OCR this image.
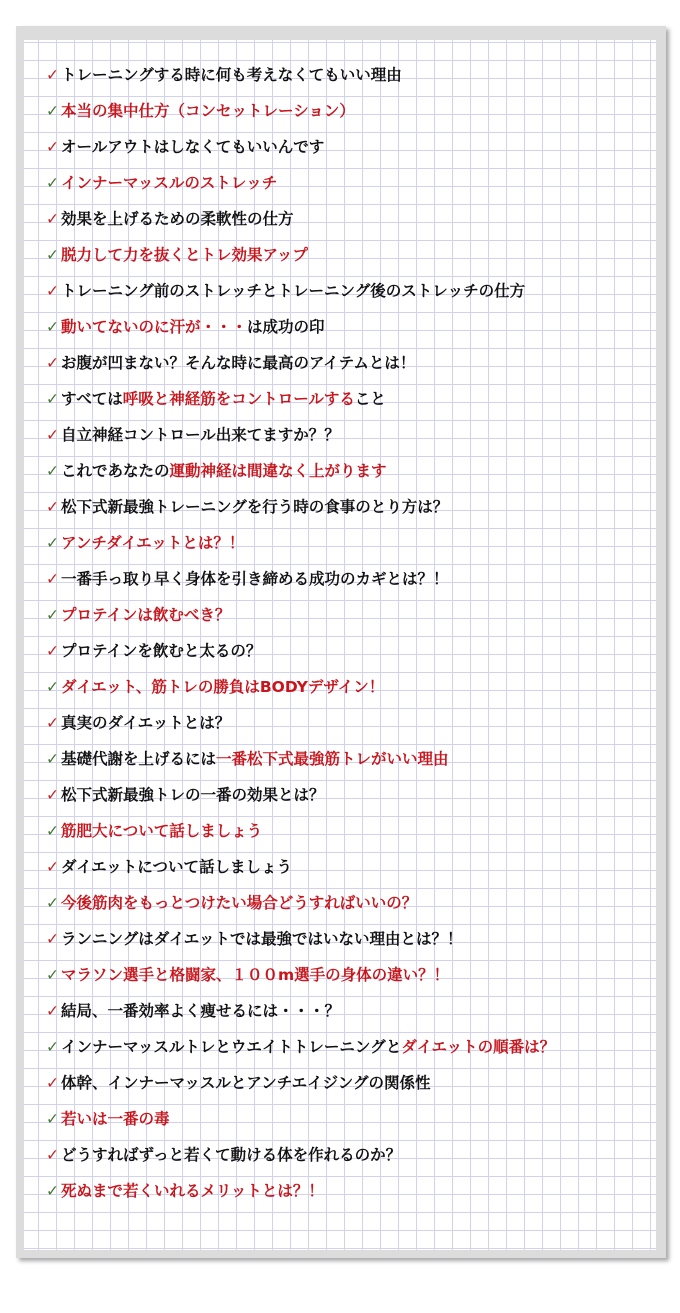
✓ トレーニングする時に何も考えなくてもいい理由
✓ 本当の集中仕方（コンセットレーション）
✓ オールアウトはしなくてもいいんです
✓ インナーマッスルのストレッチ
✓ 効果を上げるための柔軟性の仕方
✓ 脱力して力を抜くとトレ効果アップ
✓ トレーニング前のストレッチとトレーニング後のストレッチの仕方
✓ 動いてないのに汗が・・・は成功の印
✓ お腹が凹まない？そんな時に最高のアイテムとは！
✓ すべては呼吸と神経筋をコントロールすること
✓ 自立神経コントロール出来てますか？？
✓ これであなたの運動神経は間違なく上がります
✓ 松下式新最強トレーニングを行う時の食事のとり方は？
✓ アンチダイエットとは？！
✓ 一番手っ取り早く身体を引き締める成功のカギとは？！
✓ プロテインは飲むべき？
✓ プロテインを飲むと太るの？
✓ ダイエット、筋トレの勝負はBODYデザイン！
✓ 真実のダイエットとは？
✓ 基礎代謝を上げるには一番松下式最強筋トレがいい理由
✓ 松下式新最強トレの一番の効果とは？
✓ 筋肥大について話しましょう
✓ ダイエットについて話しましょう
✓ 今後筋肉をもっとつけたい場合どうすればいいの？
✓ ランニングはダイエットでは最強ではいない理由とは？！
✓ マラソン選手と格闘家、１００m選手の身体の違い？！
✓ 結局、一番効率よく痩せるには・・・？
✓ インナーマッスルトレとウエイトトレーニングとダイエットの順番は？
✓ 体幹、インナーマッスルとアンチエイジングの関係性
✓ 若いは一番の毒
✓ どうすればずっと若くて動ける体を作れるのか？
✓ 死ぬまで若くいれるメリットとは？！
